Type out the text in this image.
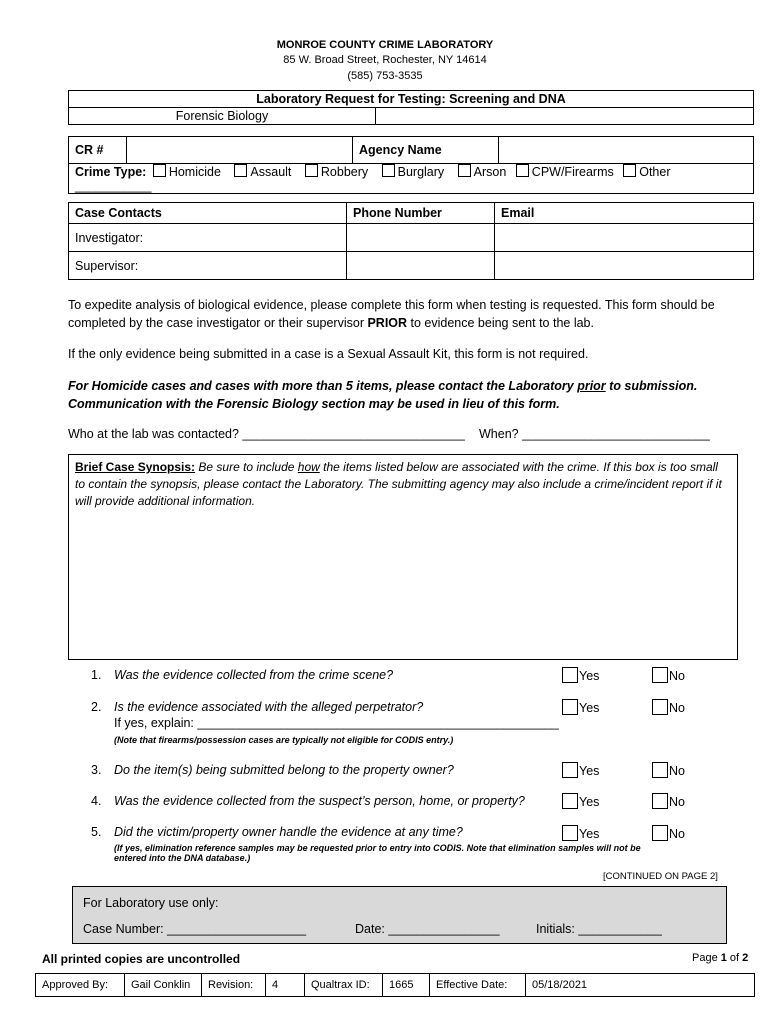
MONROE COUNTY CRIME LABORATORY
85 W. Broad Street, Rochester, NY 14614
(585) 753-3535
Laboratory Request for Testing: Screening and DNA
Forensic Biology	
CR #		Agency Name	
Crime Type: Homicide Assault Robbery Burglary Arson CPW/Firearms Other ___________
Case Contacts	Phone Number	Email
Investigator:		
Supervisor:		
To expedite analysis of biological evidence, please complete this form when testing is requested. This form should be completed by the case investigator or their supervisor PRIOR to evidence being sent to the lab.
If the only evidence being submitted in a case is a Sexual Assault Kit, this form is not required.
For Homicide cases and cases with more than 5 items, please contact the Laboratory prior to submission.
Communication with the Forensic Biology section may be used in lieu of this form.
Who at the lab was contacted? ________________________________ When? ___________________________
Brief Case Synopsis: Be sure to include how the items listed below are associated with the crime. If this box is too small to contain the synopsis, please contact the Laboratory. The submitting agency may also include a crime/incident report if it will provide additional information.
1. Was the evidence collected from the crime scene?	Yes	No
2. Is the evidence associated with the alleged perpetrator?	Yes	No
If yes, explain: ____________________________________________________
(Note that firearms/possession cases are typically not eligible for CODIS entry.)
3. Do the item(s) being submitted belong to the property owner?	Yes	No
4. Was the evidence collected from the suspect’s person, home, or property?	Yes	No
5. Did the victim/property owner handle the evidence at any time?	Yes	No
(If yes, elimination reference samples may be requested prior to entry into CODIS. Note that elimination samples will not be
entered into the DNA database.)
[CONTINUED ON PAGE 2]
For Laboratory use only:
Case Number: ____________________	Date: ________________	Initials: ____________
All printed copies are uncontrolled	Page 1 of 2
Approved By:	Gail Conklin	Revision:	4	Qualtrax ID:	1665	Effective Date:	05/18/2021
